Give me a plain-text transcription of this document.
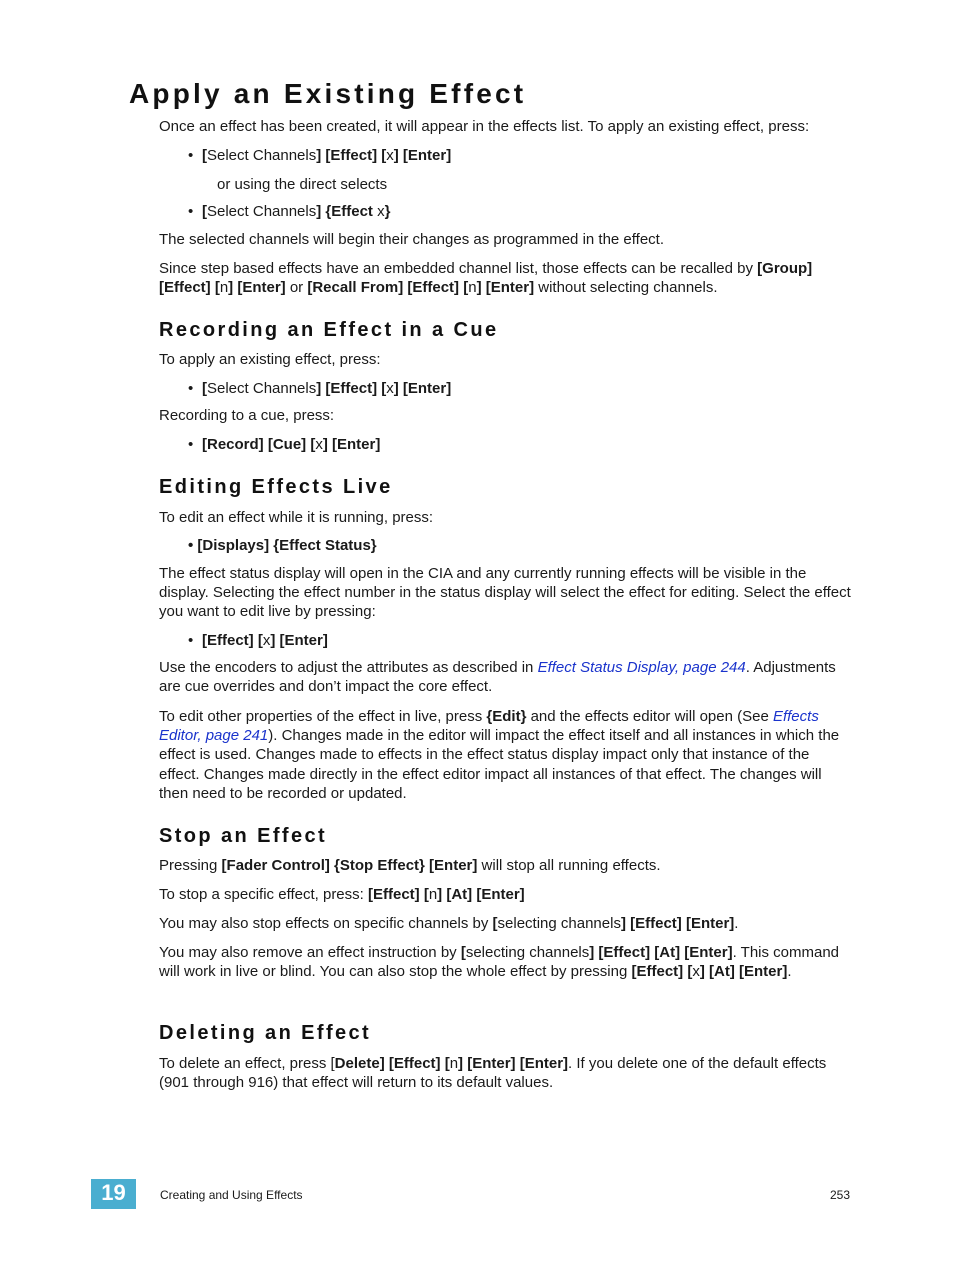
Apply an Existing Effect

Once an effect has been created, it will appear in the effects list. To apply an existing effect, press:

• [Select Channels] [Effect] [x] [Enter]

or using the direct selects

• [Select Channels] {Effect x}

The selected channels will begin their changes as programmed in the effect.

Since step based effects have an embedded channel list, those effects can be recalled by [Group] [Effect] [n] [Enter] or [Recall From] [Effect] [n] [Enter] without selecting channels.

Recording an Effect in a Cue

To apply an existing effect, press:

• [Select Channels] [Effect] [x] [Enter]

Recording to a cue, press:

• [Record] [Cue] [x] [Enter]

Editing Effects Live

To edit an effect while it is running, press:

• [Displays] {Effect Status}

The effect status display will open in the CIA and any currently running effects will be visible in the display. Selecting the effect number in the status display will select the effect for editing. Select the effect you want to edit live by pressing:

• [Effect] [x] [Enter]

Use the encoders to adjust the attributes as described in Effect Status Display, page 244. Adjustments are cue overrides and don’t impact the core effect.

To edit other properties of the effect in live, press {Edit} and the effects editor will open (See Effects Editor, page 241). Changes made in the editor will impact the effect itself and all instances in which the effect is used. Changes made to effects in the effect status display impact only that instance of the effect. Changes made directly in the effect editor impact all instances of that effect. The changes will then need to be recorded or updated.

Stop an Effect

Pressing [Fader Control] {Stop Effect} [Enter] will stop all running effects.

To stop a specific effect, press: [Effect] [n] [At] [Enter]

You may also stop effects on specific channels by [selecting channels] [Effect] [Enter].

You may also remove an effect instruction by [selecting channels] [Effect] [At] [Enter]. This command will work in live or blind. You can also stop the whole effect by pressing [Effect] [x] [At] [Enter].

Deleting an Effect

To delete an effect, press [Delete] [Effect] [n] [Enter] [Enter]. If you delete one of the default effects (901 through 916) that effect will return to its default values.

19	Creating and Using Effects	253
